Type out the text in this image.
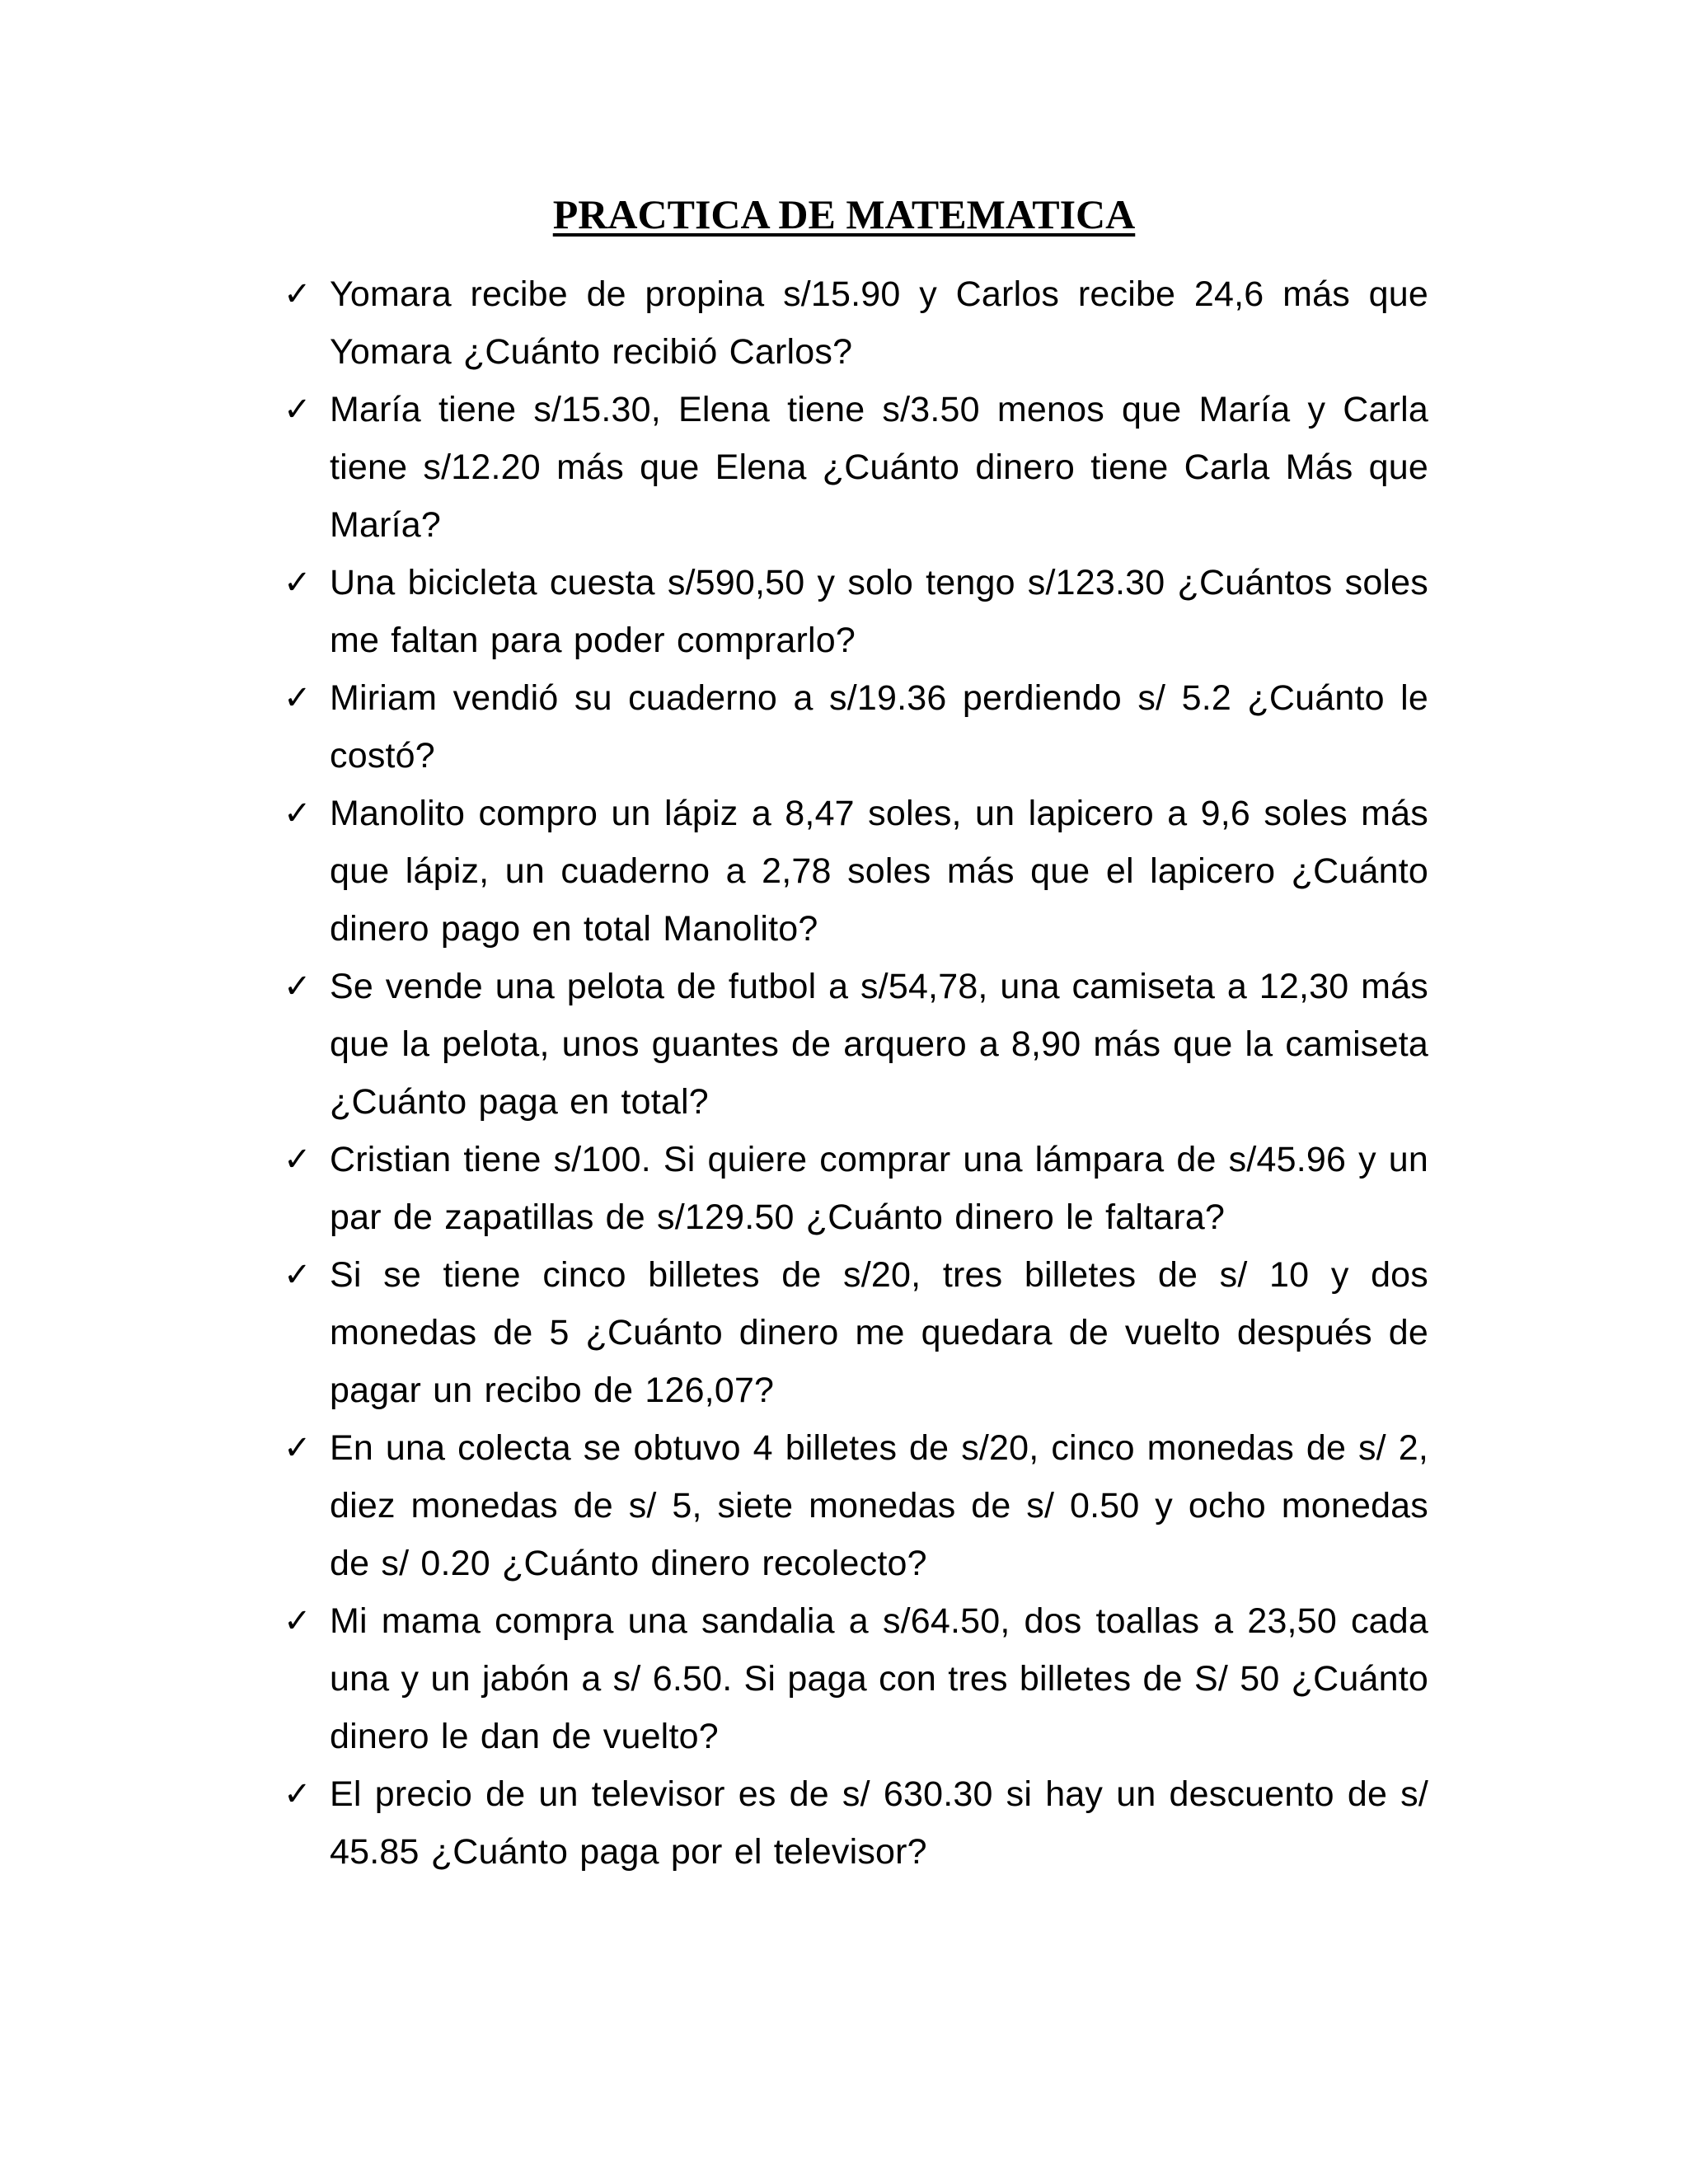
PRACTICA DE MATEMATICA
✓ Yomara recibe de propina s/15.90 y Carlos recibe 24,6 más que Yomara ¿Cuánto recibió Carlos?
✓ María tiene s/15.30, Elena tiene s/3.50 menos que María y Carla tiene s/12.20 más que Elena ¿Cuánto dinero tiene Carla Más que María?
✓ Una bicicleta cuesta s/590,50 y solo tengo s/123.30 ¿Cuántos soles me faltan para poder comprarlo?
✓ Miriam vendió su cuaderno a s/19.36 perdiendo s/ 5.2 ¿Cuánto le costó?
✓ Manolito compro un lápiz a 8,47 soles, un lapicero a 9,6 soles más que lápiz, un cuaderno a 2,78 soles más que el lapicero ¿Cuánto dinero pago en total Manolito?
✓ Se vende una pelota de futbol a s/54,78, una camiseta a 12,30 más que la pelota, unos guantes de arquero a 8,90 más que la camiseta ¿Cuánto paga en total?
✓ Cristian tiene s/100. Si quiere comprar una lámpara de s/45.96 y un par de zapatillas de s/129.50 ¿Cuánto dinero le faltara?
✓ Si se tiene cinco billetes de s/20, tres billetes de s/ 10 y dos monedas de 5 ¿Cuánto dinero me quedara de vuelto después de pagar un recibo de 126,07?
✓ En una colecta se obtuvo 4 billetes de s/20, cinco monedas de s/ 2, diez monedas de s/ 5, siete monedas de s/ 0.50 y ocho monedas de s/ 0.20 ¿Cuánto dinero recolecto?
✓ Mi mama compra una sandalia a s/64.50, dos toallas a 23,50 cada una y un jabón a s/ 6.50. Si paga con tres billetes de S/ 50 ¿Cuánto dinero le dan de vuelto?
✓ El precio de un televisor es de s/ 630.30 si hay un descuento de s/ 45.85 ¿Cuánto paga por el televisor?
